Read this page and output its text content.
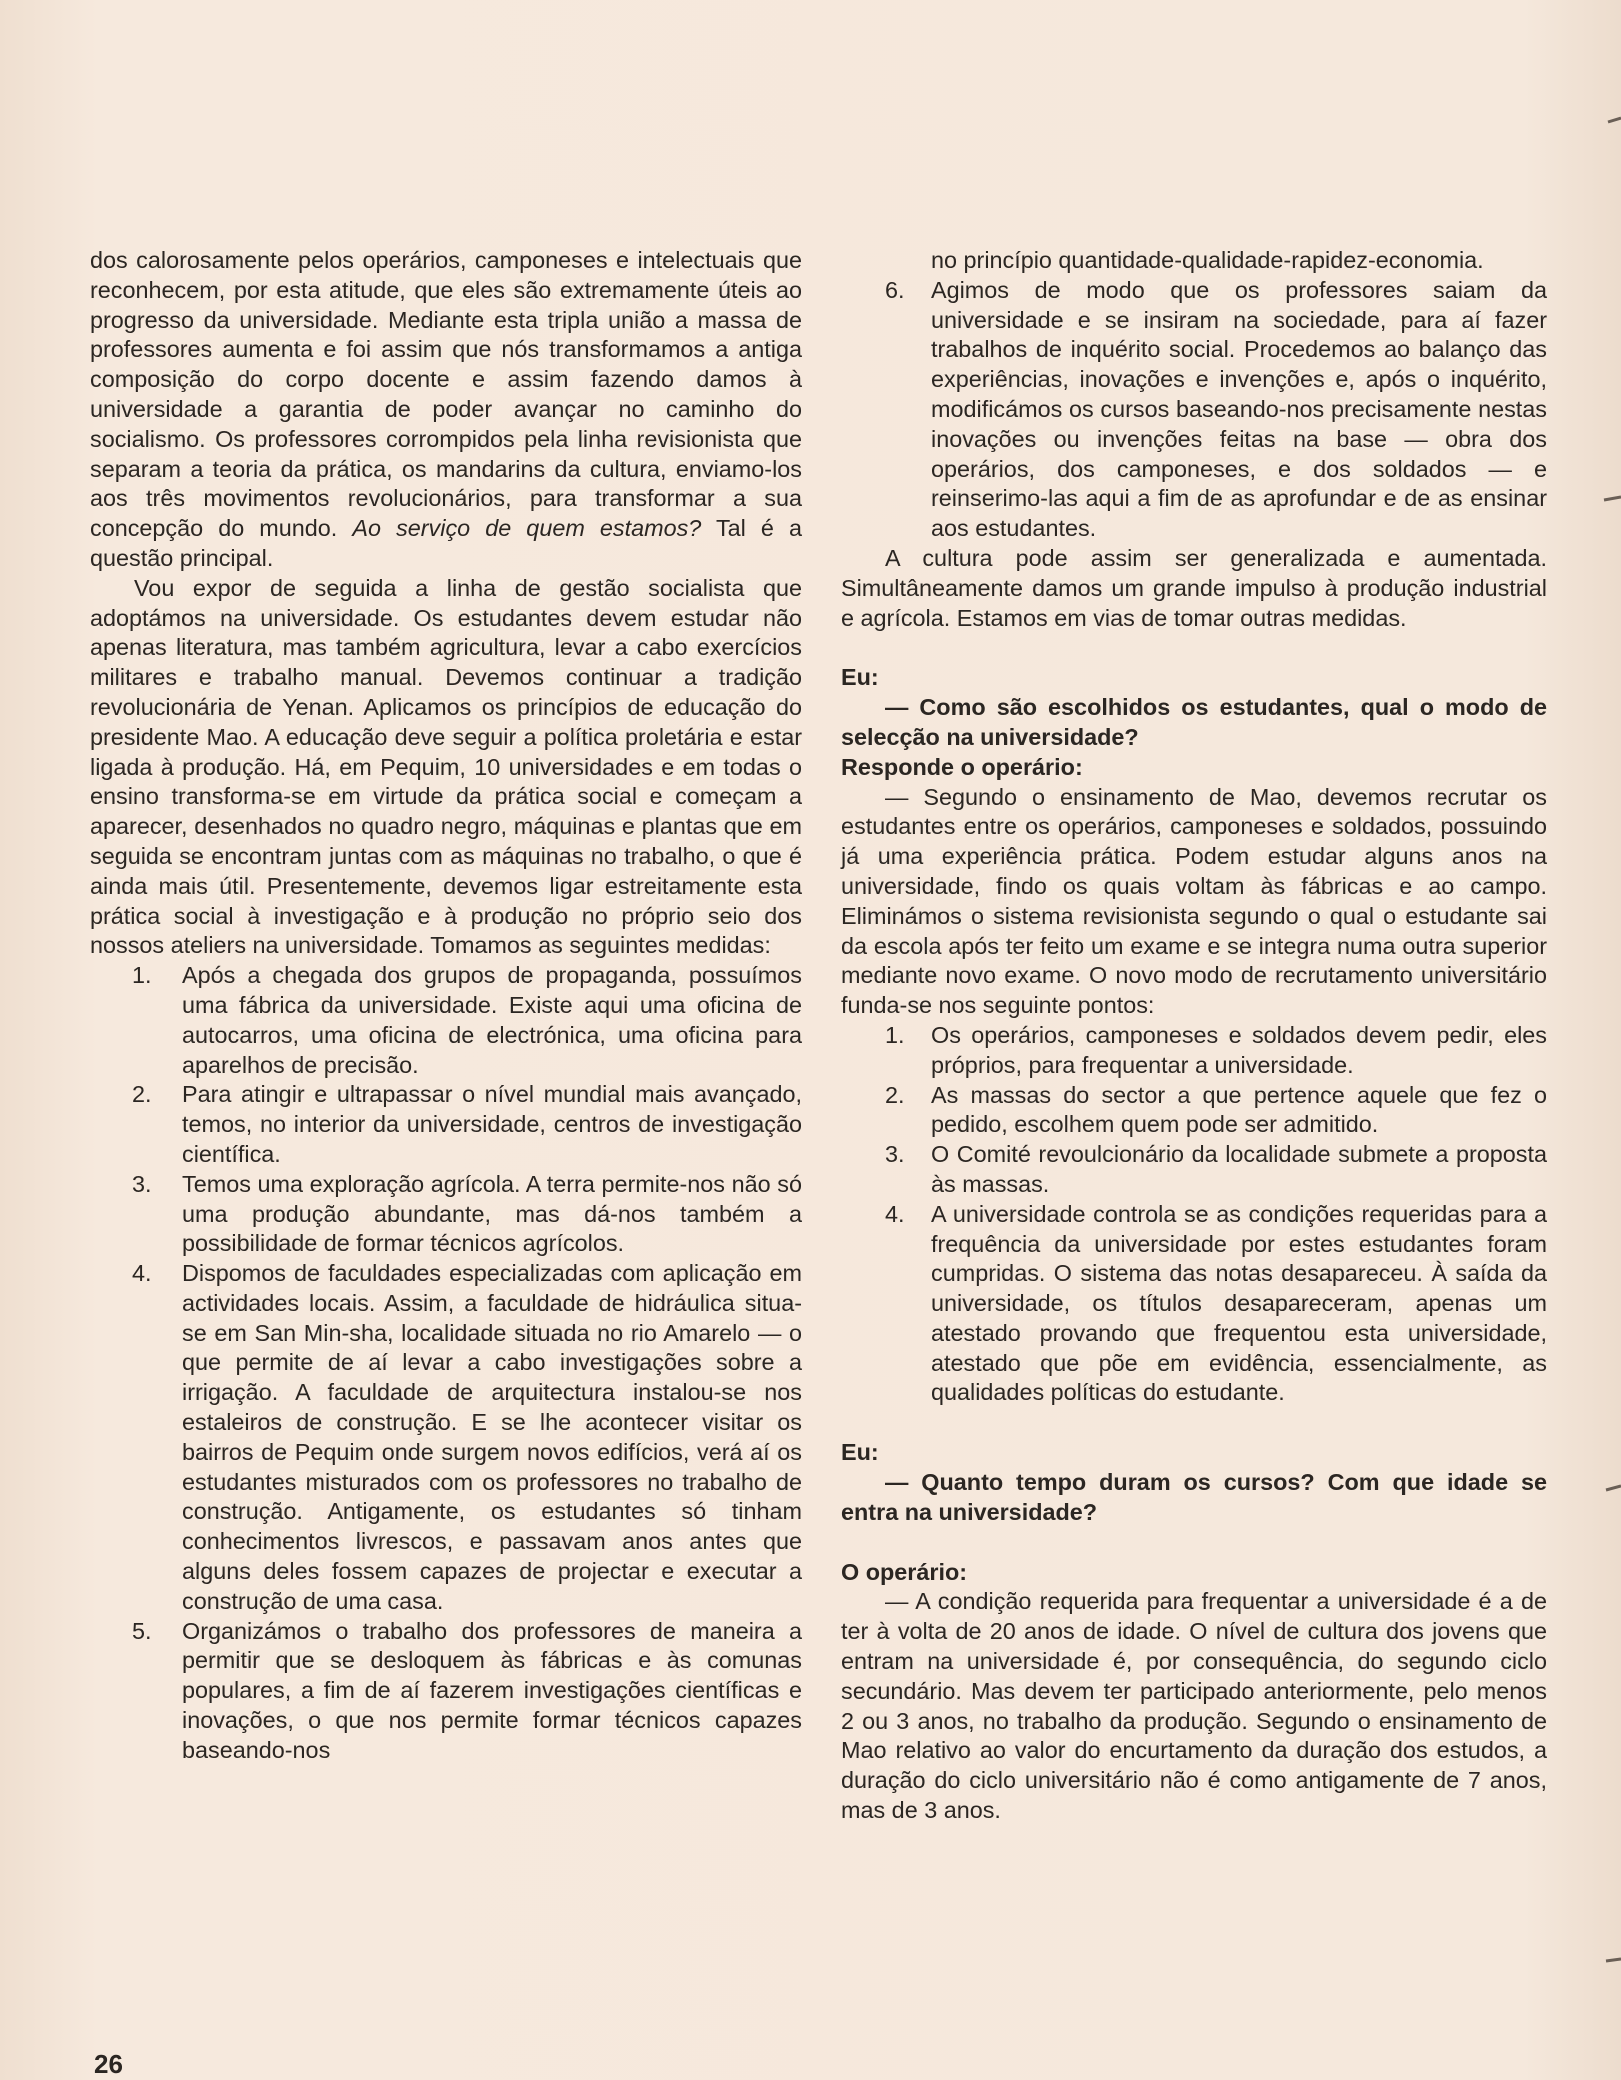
dos calorosamente pelos operários, camponeses e intelectuais que reconhecem, por esta atitude, que eles são extremamente úteis ao progresso da universidade. Mediante esta tripla união a massa de professores aumenta e foi assim que nós transformamos a antiga composição do corpo docente e assim fazendo damos à universidade a garantia de poder avançar no caminho do socialismo. Os professores corrompidos pela linha revisionista que separam a teoria da prática, os mandarins da cultura, enviamo-los aos três movimentos revolucionários, para transformar a sua concepção do mundo. Ao serviço de quem estamos? Tal é a questão principal.

Vou expor de seguida a linha de gestão socialista que adoptámos na universidade. Os estudantes devem estudar não apenas literatura, mas também agricultura, levar a cabo exercícios militares e trabalho manual. Devemos continuar a tradição revolucionária de Yenan. Aplicamos os princípios de educação do presidente Mao. A educação deve seguir a política proletária e estar ligada à produção. Há, em Pequim, 10 universidades e em todas o ensino transforma-se em virtude da prática social e começam a aparecer, desenhados no quadro negro, máquinas e plantas que em seguida se encontram juntas com as máquinas no trabalho, o que é ainda mais útil. Presentemente, devemos ligar estreitamente esta prática social à investigação e à produção no próprio seio dos nossos ateliers na universidade. Tomamos as seguintes medidas:

1.	Após a chegada dos grupos de propaganda, possuímos uma fábrica da universidade. Existe aqui uma oficina de autocarros, uma oficina de electrónica, uma oficina para aparelhos de precisão.
2.	Para atingir e ultrapassar o nível mundial mais avançado, temos, no interior da universidade, centros de investigação científica.
3.	Temos uma exploração agrícola. A terra permite-nos não só uma produção abundante, mas dá-nos também a possibilidade de formar técnicos agrícolos.
4.	Dispomos de faculdades especializadas com aplicação em actividades locais. Assim, a faculdade de hidráulica situa-se em San Min-sha, localidade situada no rio Amarelo — o que permite de aí levar a cabo investigações sobre a irrigação. A faculdade de arquitectura instalou-se nos estaleiros de construção. E se lhe acontecer visitar os bairros de Pequim onde surgem novos edifícios, verá aí os estudantes misturados com os professores no trabalho de construção. Antigamente, os estudantes só tinham conhecimentos livrescos, e passavam anos antes que alguns deles fossem capazes de projectar e executar a construção de uma casa.
5.	Organizámos o trabalho dos professores de maneira a permitir que se desloquem às fábricas e às comunas populares, a fim de aí fazerem investigações científicas e inovações, o que nos permite formar técnicos capazes baseando-nos
no princípio quantidade-qualidade-rapidez-economia.
6.	Agimos de modo que os professores saiam da universidade e se insiram na sociedade, para aí fazer trabalhos de inquérito social. Procedemos ao balanço das experiências, inovações e invenções e, após o inquérito, modificámos os cursos baseando-nos precisamente nestas inovações ou invenções feitas na base — obra dos operários, dos camponeses, e dos soldados — e reinserimo-las aqui a fim de as aprofundar e de as ensinar aos estudantes.

A cultura pode assim ser generalizada e aumentada. Simultâneamente damos um grande impulso à produção industrial e agrícola. Estamos em vias de tomar outras medidas.

Eu:

— Como são escolhidos os estudantes, qual o modo de selecção na universidade?

Responde o operário:

— Segundo o ensinamento de Mao, devemos recrutar os estudantes entre os operários, camponeses e soldados, possuindo já uma experiência prática. Podem estudar alguns anos na universidade, findo os quais voltam às fábricas e ao campo. Eliminámos o sistema revisionista segundo o qual o estudante sai da escola após ter feito um exame e se integra numa outra superior mediante novo exame. O novo modo de recrutamento universitário funda-se nos seguinte pontos:

1.	Os operários, camponeses e soldados devem pedir, eles próprios, para frequentar a universidade.
2.	As massas do sector a que pertence aquele que fez o pedido, escolhem quem pode ser admitido.
3.	O Comité revoulcionário da localidade submete a proposta às massas.
4.	A universidade controla se as condições requeridas para a frequência da universidade por estes estudantes foram cumpridas. O sistema das notas desapareceu. À saída da universidade, os títulos desapareceram, apenas um atestado provando que frequentou esta universidade, atestado que põe em evidência, essencialmente, as qualidades políticas do estudante.

Eu:

— Quanto tempo duram os cursos? Com que idade se entra na universidade?

O operário:

— A condição requerida para frequentar a universidade é a de ter à volta de 20 anos de idade. O nível de cultura dos jovens que entram na universidade é, por consequência, do segundo ciclo secundário. Mas devem ter participado anteriormente, pelo menos 2 ou 3 anos, no trabalho da produção. Segundo o ensinamento de Mao relativo ao valor do encurtamento da duração dos estudos, a duração do ciclo universitário não é como antigamente de 7 anos, mas de 3 anos.

26
